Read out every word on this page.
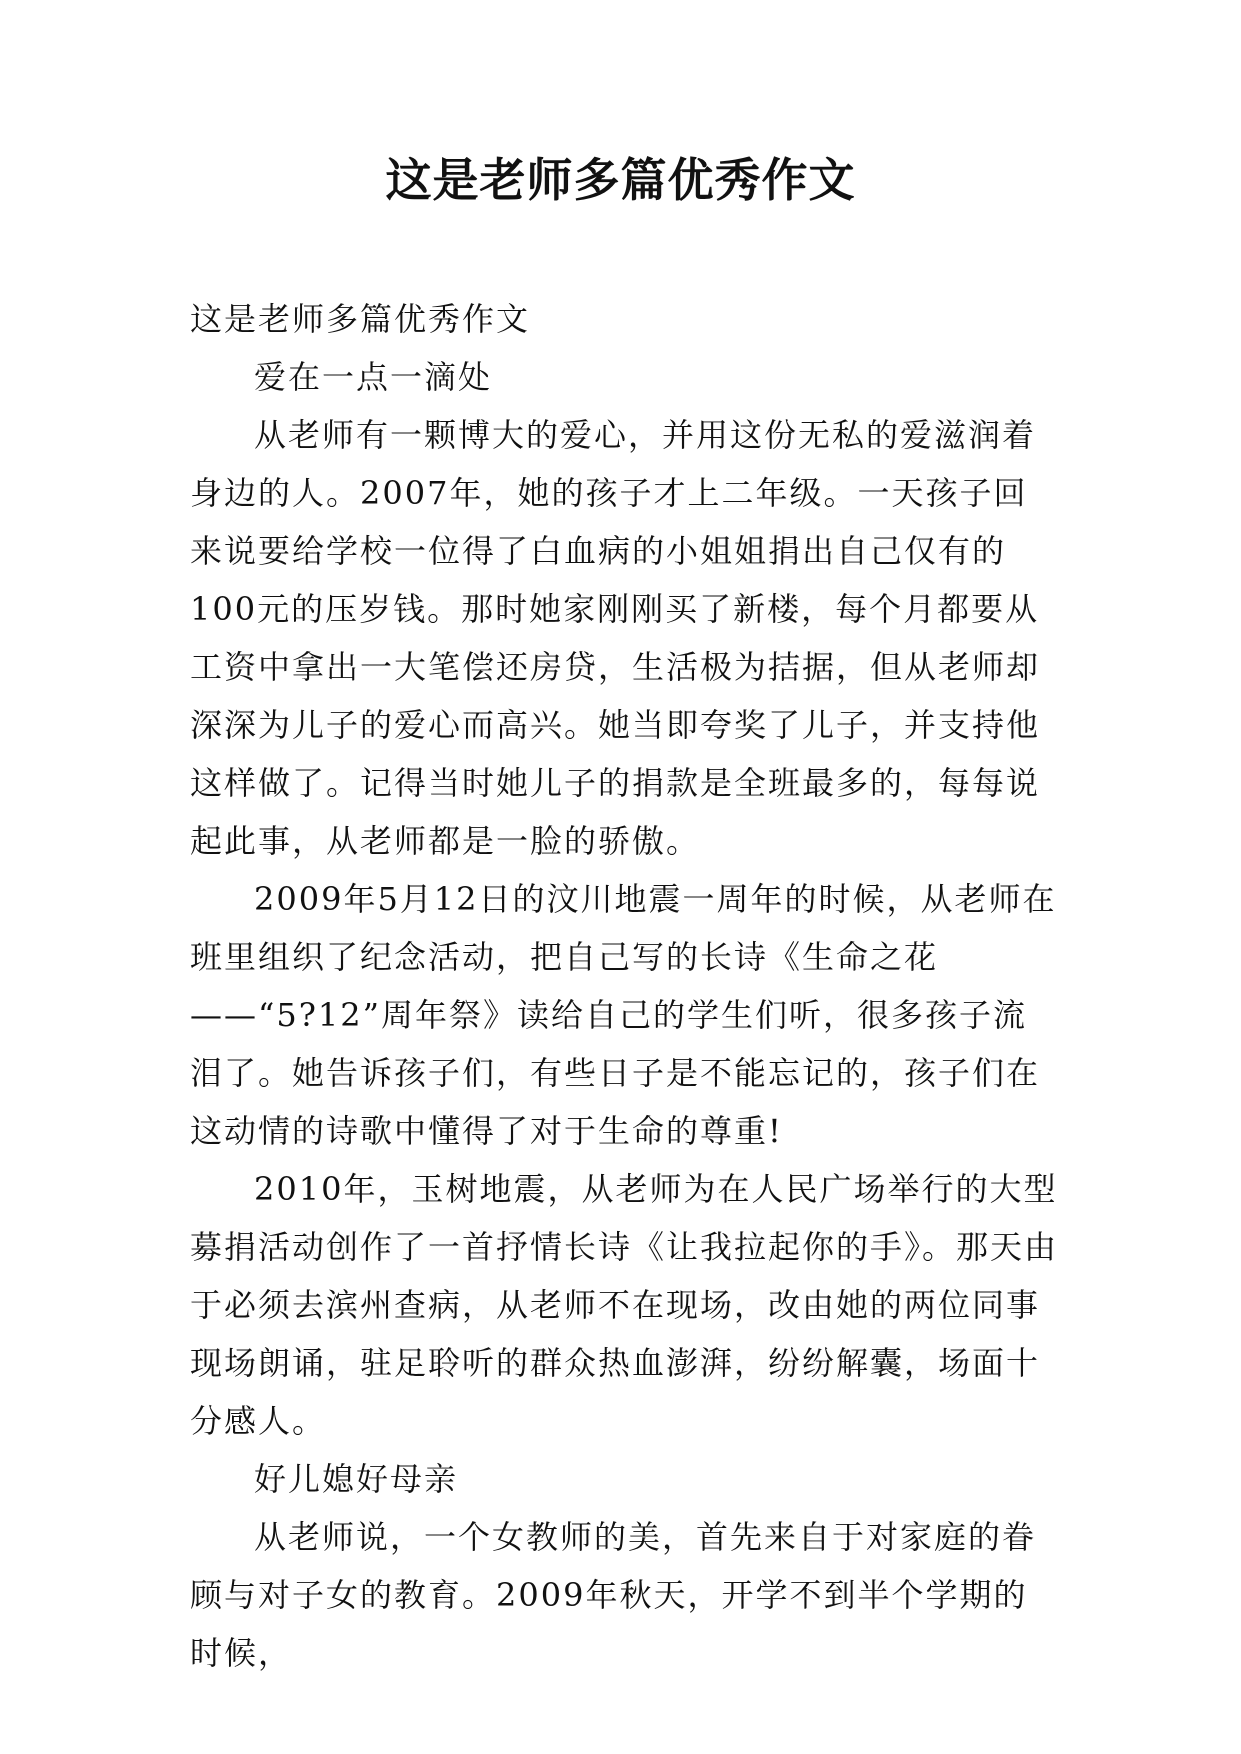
这是老师多篇优秀作文

这是老师多篇优秀作文

爱在一点一滴处

从老师有一颗博大的爱心，并用这份无私的爱滋润着身边的人。2007年，她的孩子才上二年级。一天孩子回来说要给学校一位得了白血病的小姐姐捐出自己仅有的100元的压岁钱。那时她家刚刚买了新楼，每个月都要从工资中拿出一大笔偿还房贷，生活极为拮据，但从老师却深深为儿子的爱心而高兴。她当即夸奖了儿子，并支持他这样做了。记得当时她儿子的捐款是全班最多的，每每说起此事，从老师都是一脸的骄傲。

2009年5月12日的汶川地震一周年的时候，从老师在班里组织了纪念活动，把自己写的长诗《生命之花——“5?12”周年祭》读给自己的学生们听，很多孩子流泪了。她告诉孩子们，有些日子是不能忘记的，孩子们在这动情的诗歌中懂得了对于生命的尊重!

2010年，玉树地震，从老师为在人民广场举行的大型募捐活动创作了一首抒情长诗《让我拉起你的手》。那天由于必须去滨州查病，从老师不在现场，改由她的两位同事现场朗诵，驻足聆听的群众热血澎湃，纷纷解囊，场面十分感人。

好儿媳好母亲

从老师说，一个女教师的美，首先来自于对家庭的眷顾与对子女的教育。2009年秋天，开学不到半个学期的时候，
